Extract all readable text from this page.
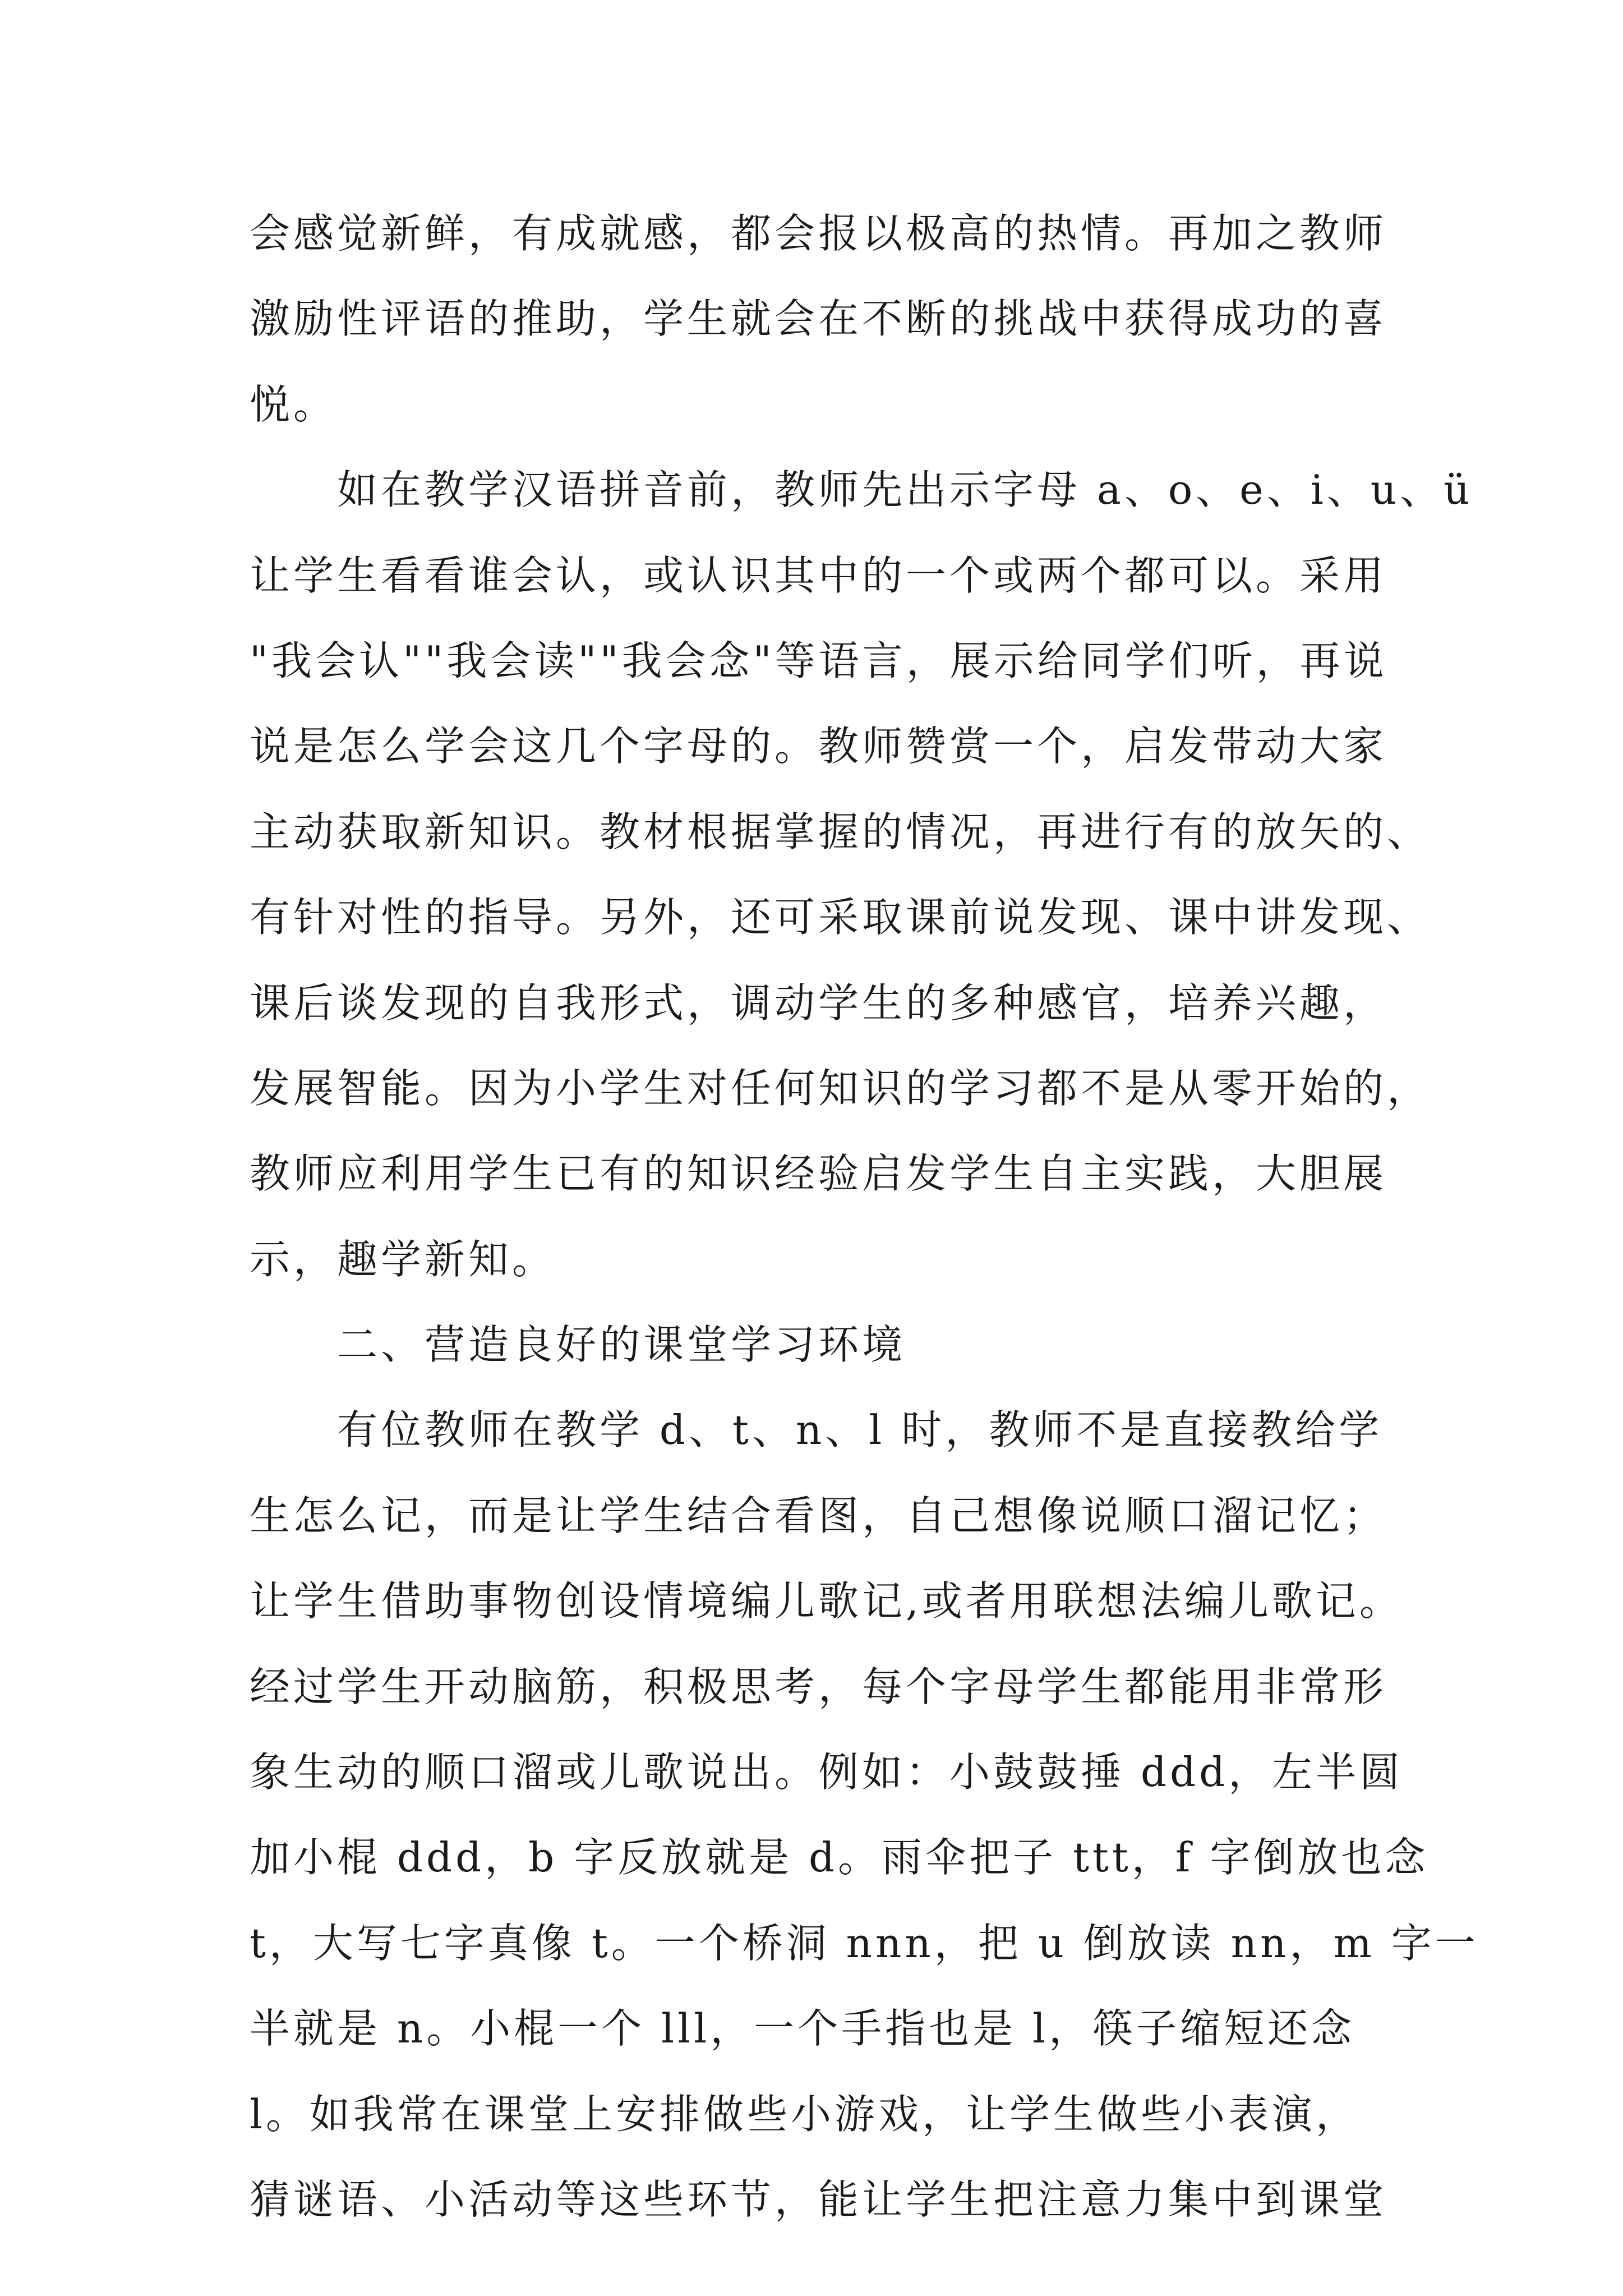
会感觉新鲜，有成就感，都会报以极高的热情。再加之教师
激励性评语的推助，学生就会在不断的挑战中获得成功的喜
悦。
如在教学汉语拼音前，教师先出示字母 a、o、e、i、u、ü
让学生看看谁会认，或认识其中的一个或两个都可以。采用
"我会认""我会读""我会念"等语言，展示给同学们听，再说
说是怎么学会这几个字母的。教师赞赏一个，启发带动大家
主动获取新知识。教材根据掌握的情况，再进行有的放矢的、
有针对性的指导。另外，还可采取课前说发现、课中讲发现、
课后谈发现的自我形式，调动学生的多种感官，培养兴趣，
发展智能。因为小学生对任何知识的学习都不是从零开始的，
教师应利用学生已有的知识经验启发学生自主实践，大胆展
示，趣学新知。
二、营造良好的课堂学习环境
有位教师在教学 d、t、n、l 时，教师不是直接教给学
生怎么记，而是让学生结合看图，自己想像说顺口溜记忆；
让学生借助事物创设情境编儿歌记,或者用联想法编儿歌记。
经过学生开动脑筋，积极思考，每个字母学生都能用非常形
象生动的顺口溜或儿歌说出。例如：小鼓鼓捶 ddd，左半圆
加小棍 ddd，b 字反放就是 d。雨伞把子 ttt，f 字倒放也念
t，大写七字真像 t。一个桥洞 nnn，把 u 倒放读 nn，m 字一
半就是 n。小棍一个 lll，一个手指也是 l，筷子缩短还念
l。如我常在课堂上安排做些小游戏，让学生做些小表演，
猜谜语、小活动等这些环节，能让学生把注意力集中到课堂
